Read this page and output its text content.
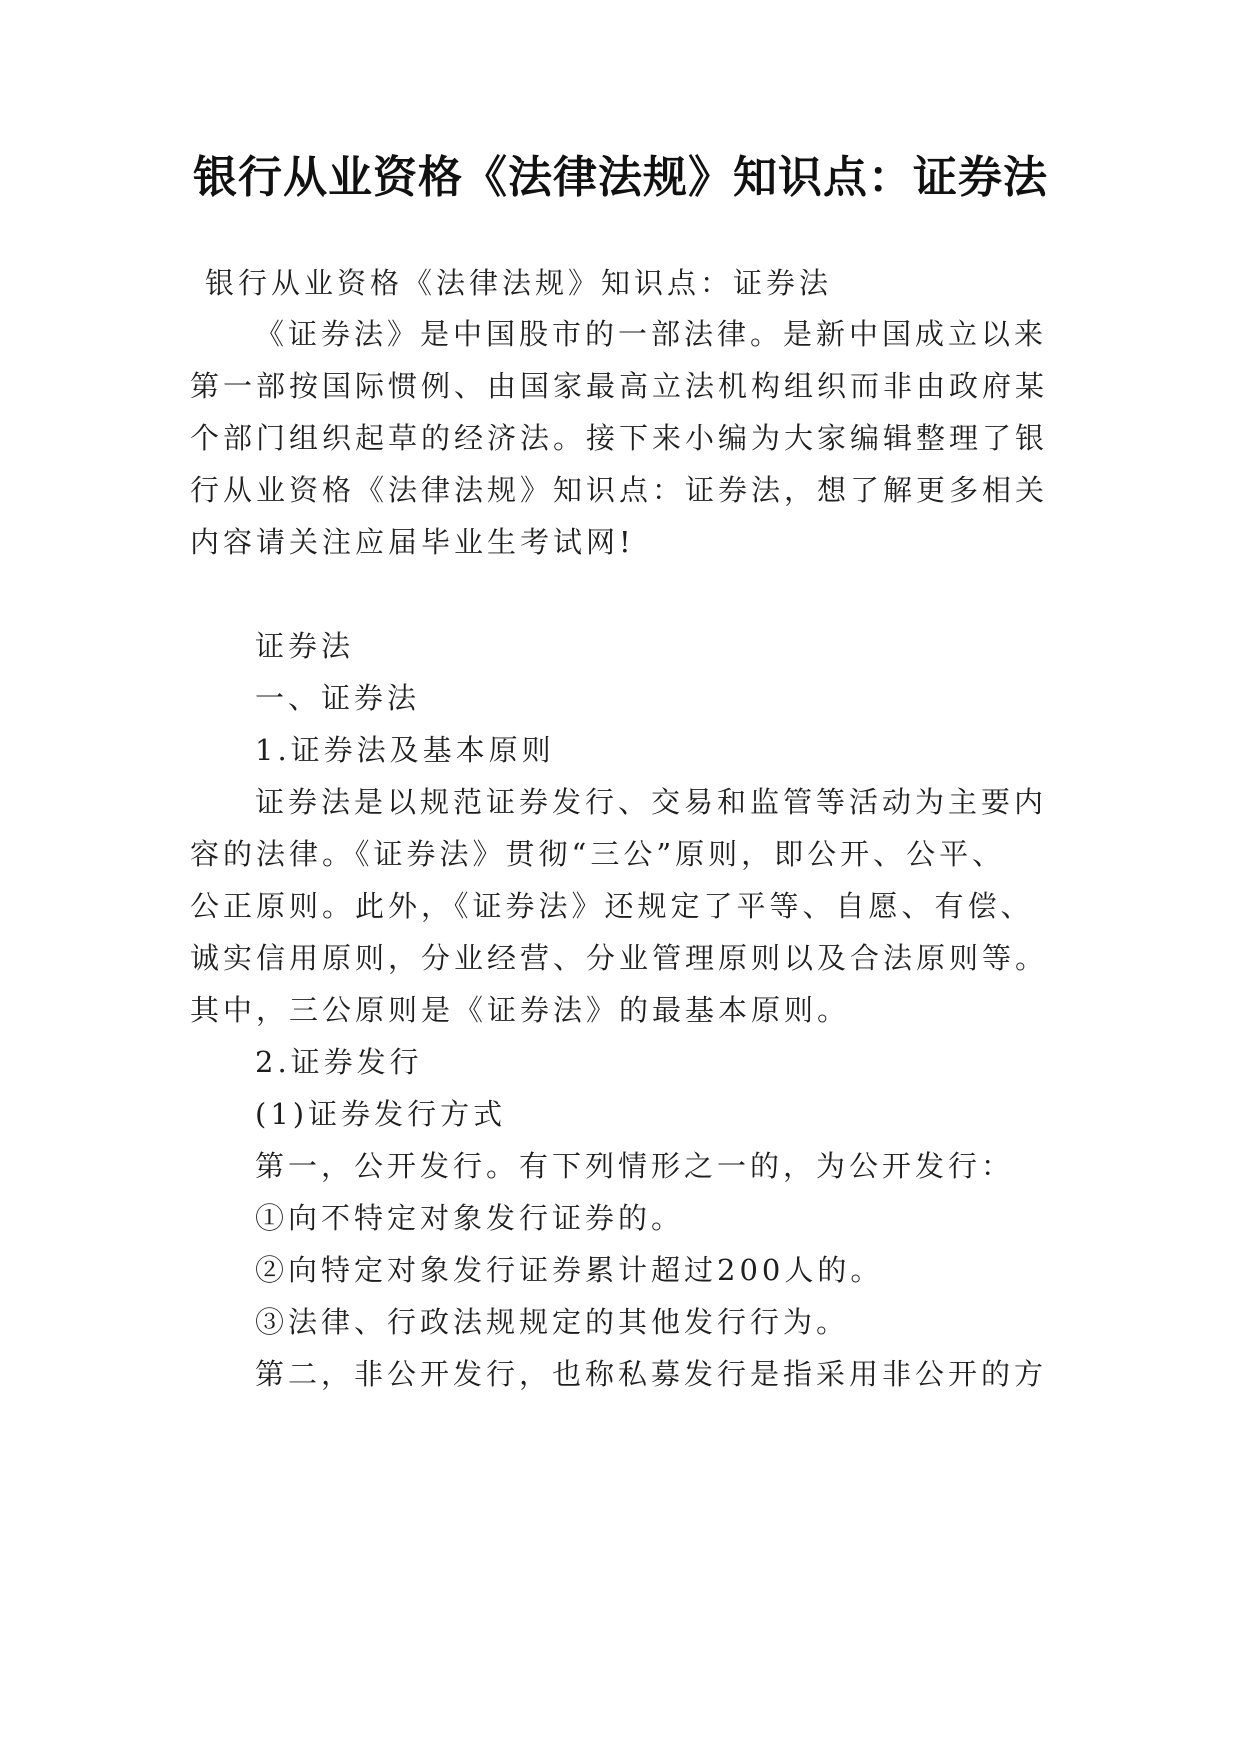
银行从业资格《法律法规》知识点：证券法
银行从业资格《法律法规》知识点：证券法
《证券法》是中国股市的一部法律。是新中国成立以来
第一部按国际惯例、由国家最高立法机构组织而非由政府某
个部门组织起草的经济法。接下来小编为大家编辑整理了银
行从业资格《法律法规》知识点：证券法，想了解更多相关
内容请关注应届毕业生考试网!
证券法
一、证券法
1.证券法及基本原则
证券法是以规范证券发行、交易和监管等活动为主要内
容的法律。《证券法》贯彻“三公”原则，即公开、公平、
公正原则。此外，《证券法》还规定了平等、自愿、有偿、
诚实信用原则，分业经营、分业管理原则以及合法原则等。
其中，三公原则是《证券法》的最基本原则。
2.证券发行
(1)证券发行方式
第一，公开发行。有下列情形之一的，为公开发行：
①向不特定对象发行证券的。
②向特定对象发行证券累计超过200人的。
③法律、行政法规规定的其他发行行为。
第二，非公开发行，也称私募发行是指采用非公开的方
